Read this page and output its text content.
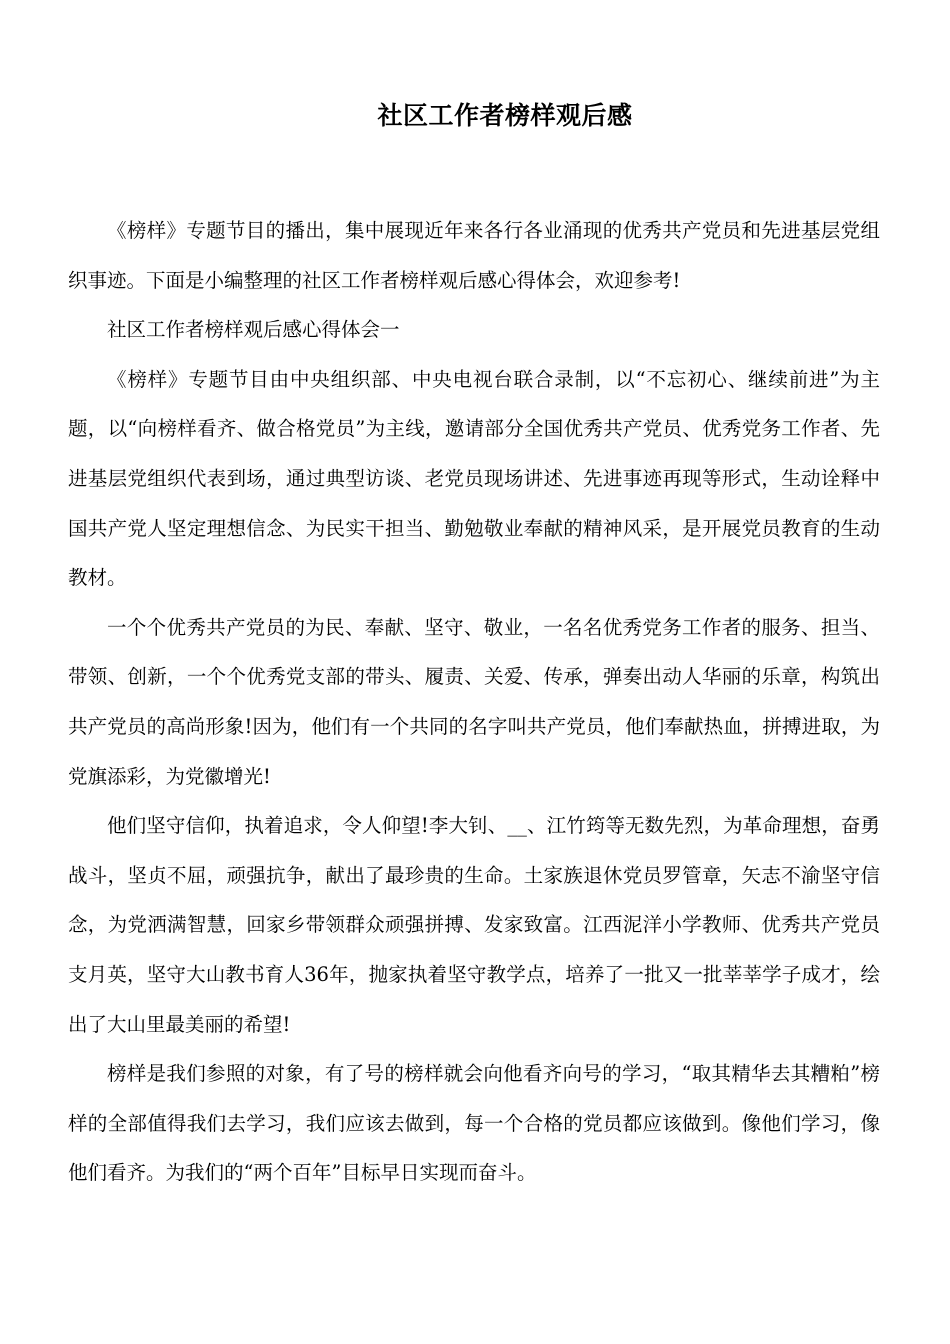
社区工作者榜样观后感

《榜样》专题节目的播出，集中展现近年来各行各业涌现的优秀共产党员和先进基层党组织事迹。下面是小编整理的社区工作者榜样观后感心得体会，欢迎参考!

社区工作者榜样观后感心得体会一

《榜样》专题节目由中央组织部、中央电视台联合录制，以“不忘初心、继续前进”为主题，以“向榜样看齐、做合格党员”为主线，邀请部分全国优秀共产党员、优秀党务工作者、先进基层党组织代表到场，通过典型访谈、老党员现场讲述、先进事迹再现等形式，生动诠释中国共产党人坚定理想信念、为民实干担当、勤勉敬业奉献的精神风采，是开展党员教育的生动教材。

一个个优秀共产党员的为民、奉献、坚守、敬业，一名名优秀党务工作者的服务、担当、带领、创新，一个个优秀党支部的带头、履责、关爱、传承，弹奏出动人华丽的乐章，构筑出共产党员的高尚形象!因为，他们有一个共同的名字叫共产党员，他们奉献热血，拼搏进取，为党旗添彩，为党徽增光!

他们坚守信仰，执着追求，令人仰望!李大钊、__、江竹筠等无数先烈，为革命理想，奋勇战斗，坚贞不屈，顽强抗争，献出了最珍贵的生命。土家族退休党员罗管章，矢志不渝坚守信念，为党洒满智慧，回家乡带领群众顽强拼搏、发家致富。江西泥洋小学教师、优秀共产党员支月英，坚守大山教书育人36年，抛家执着坚守教学点，培养了一批又一批莘莘学子成才，绘出了大山里最美丽的希望!

榜样是我们参照的对象，有了号的榜样就会向他看齐向号的学习，“取其精华去其糟粕”榜样的全部值得我们去学习，我们应该去做到，每一个合格的党员都应该做到。像他们学习，像他们看齐。为我们的“两个百年”目标早日实现而奋斗。
